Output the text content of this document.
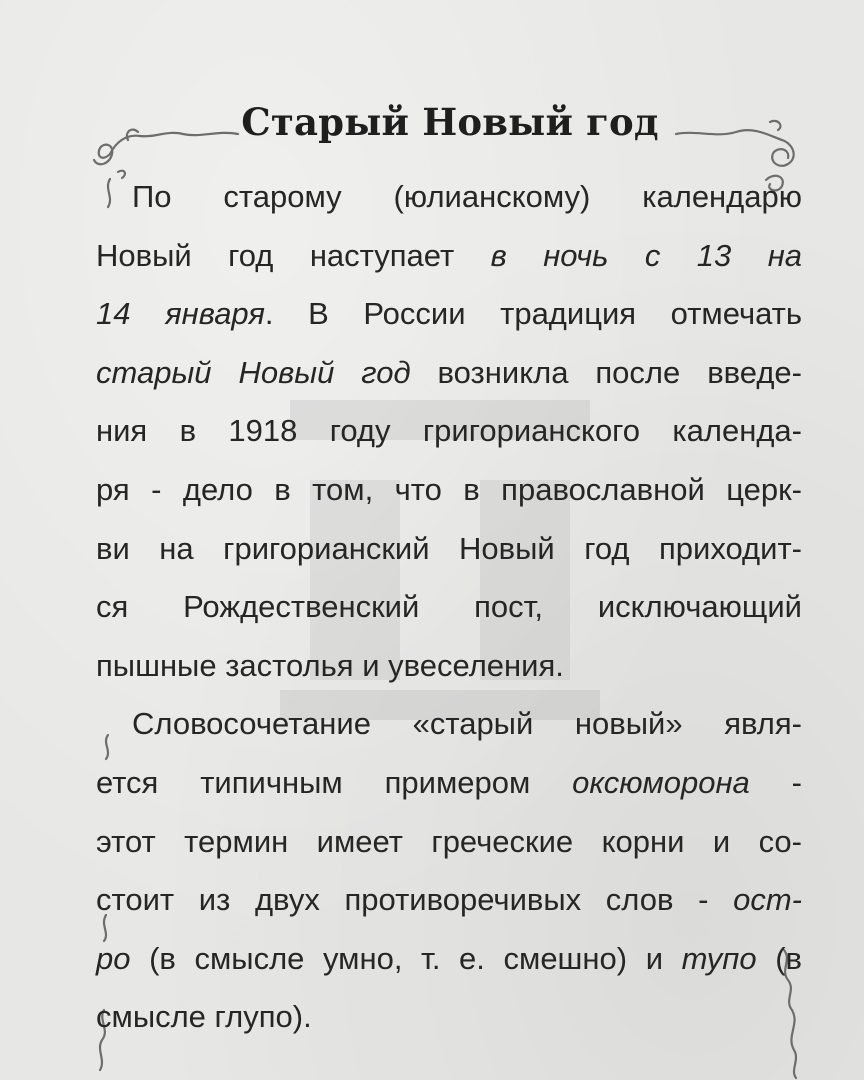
Старый Новый год
По старому (юлианскому) календарю
Новый год наступает в ночь с 13 на
14 января. В России традиция отмечать
старый Новый год возникла после введе-
ния в 1918 году григорианского календа-
ря - дело в том, что в православной церк-
ви на григорианский Новый год приходит-
ся Рождественский пост, исключающий
пышные застолья и увеселения.
Словосочетание «старый новый» явля-
ется типичным примером оксюморона -
этот термин имеет греческие корни и со-
стоит из двух противоречивых слов - ост-
ро (в смысле умно, т. е. смешно) и тупо (в
смысле глупо).
